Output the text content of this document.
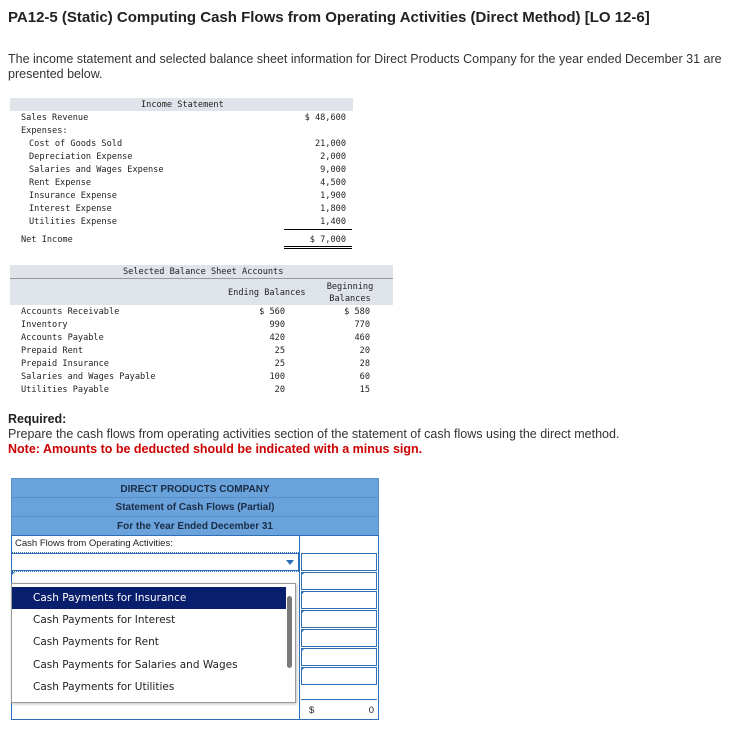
PA12-5 (Static) Computing Cash Flows from Operating Activities (Direct Method) [LO 12-6]
The income statement and selected balance sheet information for Direct Products Company for the year ended December 31 are presented below.
Income Statement
Sales Revenue	$ 48,600
Expenses:
Cost of Goods Sold	21,000
Depreciation Expense	2,000
Salaries and Wages Expense	9,000
Rent Expense	4,500
Insurance Expense	1,900
Interest Expense	1,800
Utilities Expense	1,400
Net Income	$ 7,000
Selected Balance Sheet Accounts
Ending Balances
Beginning
Balances
Accounts Receivable	$ 560	$ 580
Inventory	990	770
Accounts Payable	420	460
Prepaid Rent	25	20
Prepaid Insurance	25	28
Salaries and Wages Payable	100	60
Utilities Payable	20	15
Required:
Prepare the cash flows from operating activities section of the statement of cash flows using the direct method.
Note: Amounts to be deducted should be indicated with a minus sign.
DIRECT PRODUCTS COMPANY
Statement of Cash Flows (Partial)
For the Year Ended December 31
Cash Flows from Operating Activities:
$	0
Cash Payments for Insurance
Cash Payments for Interest
Cash Payments for Rent
Cash Payments for Salaries and Wages
Cash Payments for Utilities
